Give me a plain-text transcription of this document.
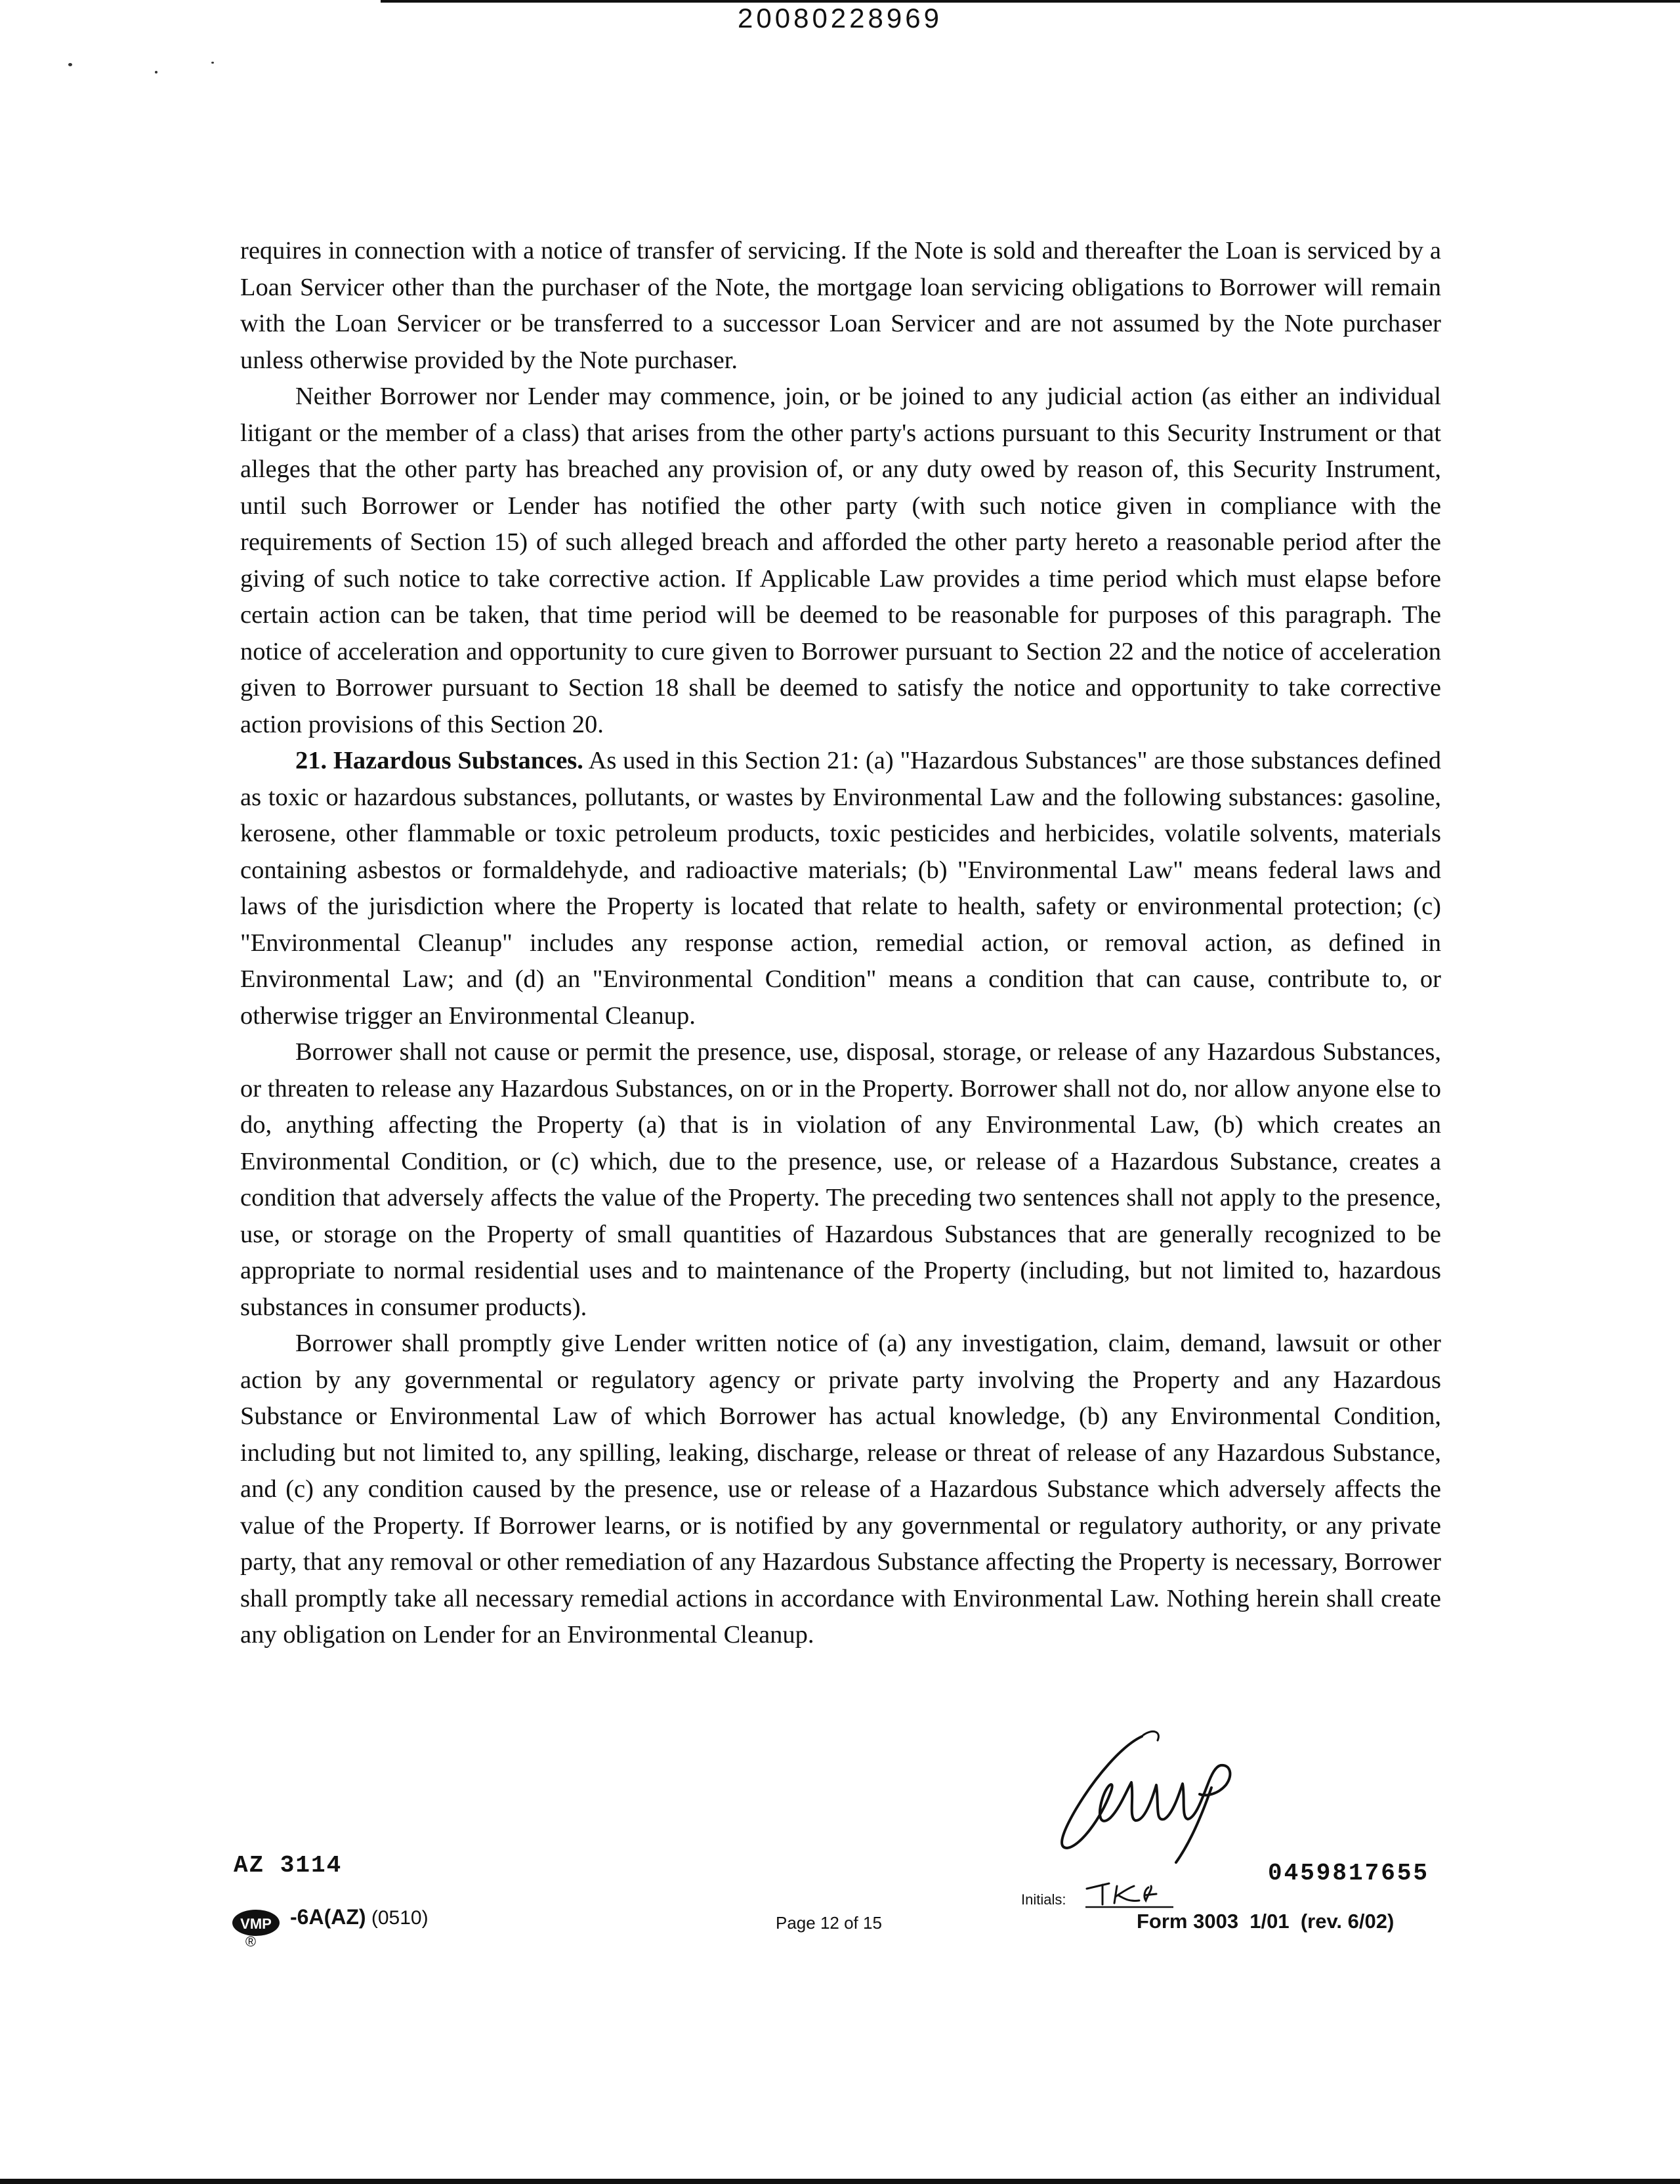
20080228969

requires in connection with a notice of transfer of servicing. If the Note is sold and thereafter the Loan is serviced by a Loan Servicer other than the purchaser of the Note, the mortgage loan servicing obligations to Borrower will remain with the Loan Servicer or be transferred to a successor Loan Servicer and are not assumed by the Note purchaser unless otherwise provided by the Note purchaser.

Neither Borrower nor Lender may commence, join, or be joined to any judicial action (as either an individual litigant or the member of a class) that arises from the other party's actions pursuant to this Security Instrument or that alleges that the other party has breached any provision of, or any duty owed by reason of, this Security Instrument, until such Borrower or Lender has notified the other party (with such notice given in compliance with the requirements of Section 15) of such alleged breach and afforded the other party hereto a reasonable period after the giving of such notice to take corrective action. If Applicable Law provides a time period which must elapse before certain action can be taken, that time period will be deemed to be reasonable for purposes of this paragraph. The notice of acceleration and opportunity to cure given to Borrower pursuant to Section 22 and the notice of acceleration given to Borrower pursuant to Section 18 shall be deemed to satisfy the notice and opportunity to take corrective action provisions of this Section 20.

21. Hazardous Substances. As used in this Section 21: (a) "Hazardous Substances" are those substances defined as toxic or hazardous substances, pollutants, or wastes by Environmental Law and the following substances: gasoline, kerosene, other flammable or toxic petroleum products, toxic pesticides and herbicides, volatile solvents, materials containing asbestos or formaldehyde, and radioactive materials; (b) "Environmental Law" means federal laws and laws of the jurisdiction where the Property is located that relate to health, safety or environmental protection; (c) "Environmental Cleanup" includes any response action, remedial action, or removal action, as defined in Environmental Law; and (d) an "Environmental Condition" means a condition that can cause, contribute to, or otherwise trigger an Environmental Cleanup.

Borrower shall not cause or permit the presence, use, disposal, storage, or release of any Hazardous Substances, or threaten to release any Hazardous Substances, on or in the Property. Borrower shall not do, nor allow anyone else to do, anything affecting the Property (a) that is in violation of any Environmental Law, (b) which creates an Environmental Condition, or (c) which, due to the presence, use, or release of a Hazardous Substance, creates a condition that adversely affects the value of the Property. The preceding two sentences shall not apply to the presence, use, or storage on the Property of small quantities of Hazardous Substances that are generally recognized to be appropriate to normal residential uses and to maintenance of the Property (including, but not limited to, hazardous substances in consumer products).

Borrower shall promptly give Lender written notice of (a) any investigation, claim, demand, lawsuit or other action by any governmental or regulatory agency or private party involving the Property and any Hazardous Substance or Environmental Law of which Borrower has actual knowledge, (b) any Environmental Condition, including but not limited to, any spilling, leaking, discharge, release or threat of release of any Hazardous Substance, and (c) any condition caused by the presence, use or release of a Hazardous Substance which adversely affects the value of the Property. If Borrower learns, or is notified by any governmental or regulatory authority, or any private party, that any removal or other remediation of any Hazardous Substance affecting the Property is necessary, Borrower shall promptly take all necessary remedial actions in accordance with Environmental Law. Nothing herein shall create any obligation on Lender for an Environmental Cleanup.

AZ 3114	0459817655
VMP
®
-6A(AZ) (0510)	Page 12 of 15
Initials:
Form 3003  1/01  (rev. 6/02)
